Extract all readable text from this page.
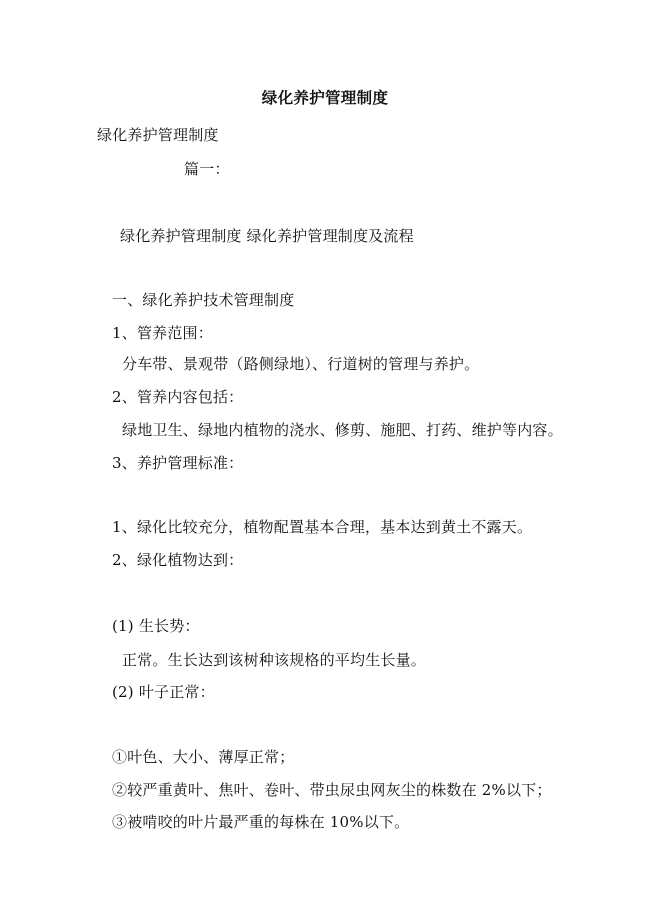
绿化养护管理制度
绿化养护管理制度
篇一：
绿化养护管理制度 绿化养护管理制度及流程
一、绿化养护技术管理制度
1、管养范围：
分车带、景观带（路侧绿地）、行道树的管理与养护。
2、管养内容包括：
绿地卫生、绿地内植物的浇水、修剪、施肥、打药、维护等内容。
3、养护管理标准：
1、绿化比较充分，植物配置基本合理，基本达到黄土不露天。
2、绿化植物达到：
(1) 生长势：
正常。生长达到该树种该规格的平均生长量。
(2) 叶子正常：
①叶色、大小、薄厚正常；
②较严重黄叶、焦叶、卷叶、带虫尿虫网灰尘的株数在 2%以下；
③被啃咬的叶片最严重的每株在 10%以下。
